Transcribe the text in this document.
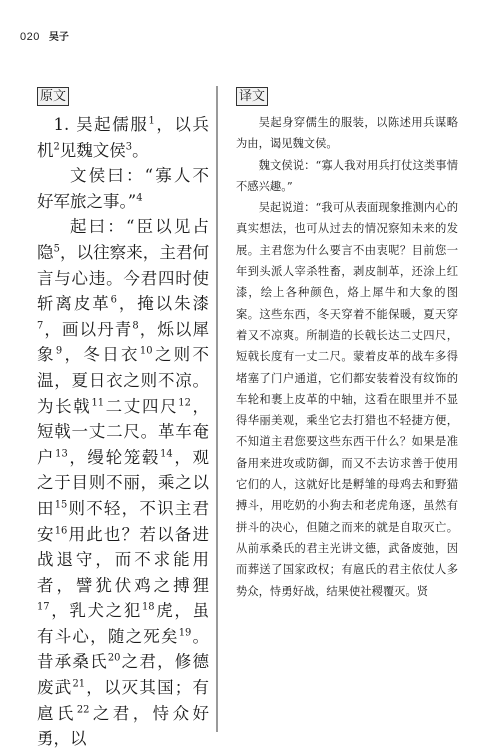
020 吴子
原文	译文

1. 吴起儒服$^1$，以兵机$^2$见魏文侯$^3$。

文侯曰：“寡人不好军旅之事。”$^4$

起曰：“臣以见占隐$^5$，以往察来，主君何言与心违。今君四时使斩离皮革$^6$，掩以朱漆$^7$，画以丹青$^8$，烁以犀象$^9$，冬日衣$^{10}$之则不温，夏日衣之则不凉。为长戟$^{11}$二丈四尺$^{12}$，短戟一丈二尺。革车奄户$^{13}$，缦轮笼毂$^{14}$，观之于目则不丽，乘之以田$^{15}$则不轻，不识主君安$^{16}$用此也？若以备进战退守，而不求能用者，譬犹伏鸡之搏狸$^{17}$，乳犬之犯$^{18}$虎，虽有斗心，随之死矣$^{19}$。昔承桑氏$^{20}$之君，修德废武$^{21}$，以灭其国；有扈氏$^{22}$之君，恃众好勇，以

吴起身穿儒生的服装，以陈述用兵谋略为由，谒见魏文侯。

魏文侯说：“寡人我对用兵打仗这类事情不感兴趣。”

吴起说道：“我可从表面现象推测内心的真实想法，也可从过去的情况察知未来的发展。主君您为什么要言不由衷呢？目前您一年到头派人宰杀牲畜，剥皮制革，还涂上红漆，绘上各种颜色，烙上犀牛和大象的图案。这些东西，冬天穿着不能保暖，夏天穿着又不凉爽。所制造的长戟长达二丈四尺，短戟长度有一丈二尺。蒙着皮革的战车多得堵塞了门户通道，它们都安装着没有纹饰的车轮和裹上皮革的中轴，这看在眼里并不显得华丽美观，乘坐它去打猎也不轻捷方便，不知道主君您要这些东西干什么？如果是准备用来进攻或防御，而又不去访求善于使用它们的人，这就好比是孵雏的母鸡去和野猫搏斗，用吃奶的小狗去和老虎角逐，虽然有拼斗的决心，但随之而来的就是自取灭亡。从前承桑氏的君主光讲文德，武备废弛，因而葬送了国家政权；有扈氏的君主依仗人多势众，恃勇好战，结果使社稷覆灭。贤
